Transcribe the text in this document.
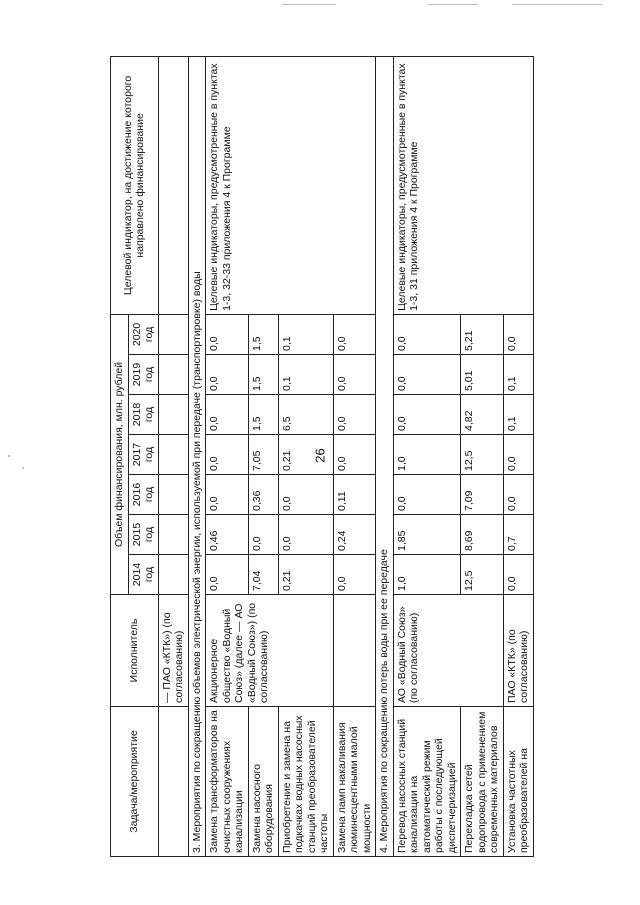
26
Задача/мероприятие	Исполнитель	Объем финансирования, млн. рублей							Целевой индикатор, на достижение которого направлено финансирование
		2014 год	2015 год	2016 год	2017 год	2018 год	2019 год	2020 год	
	— ПАО «КТК») (по согласованию)								
3. Мероприятия по сокращению объемов электрической энергии, используемой при передаче (транспортировке) воды									
Замена трансформаторов на очистных сооружениях канализации	Акционерное общество «Водный Союз» (далее — АО «Водный Союз») (по согласованию)	0,0	0,46	0,0	0,0	0,0	0,0	0,0	Целевые индикаторы, предусмотренные в пунктах 1-3, 32-33 приложения 4 к Программе
Замена насосного оборудования		7,04	0,0	0,36	7,05	1,5	1,5	1,5	
Приобретение и замена на подкачках водных насосных станций преобразователей частоты		0,21	0,0	0,0	0,21	6,5	0,1	0,1	
Замена ламп накаливания люминесцентными малой мощности		0,0	0,24	0,11	0,0	0,0	0,0	0,0	
4. Мероприятия по сокращению потерь воды при ее передаче									
Перевод насосных станций канализации на автоматический режим работы с последующей диспетчеризацией	АО «Водный Союз» (по согласованию)	1,0	1,85	0,0	1,0	0,0	0,0	0,0	Целевые индикаторы, предусмотренные в пунктах 1-3, 31 приложения 4 к Программе
Перекладка сетей водопровода с применением современных материалов		12,5	8,69	7,09	12,5	4,82	5,01	5,21	
Установка частотных преобразователей на	ПАО «КТК» (по согласованию)	0,0	0,7	0,0	0,0	0,1	0,1	0,0	
